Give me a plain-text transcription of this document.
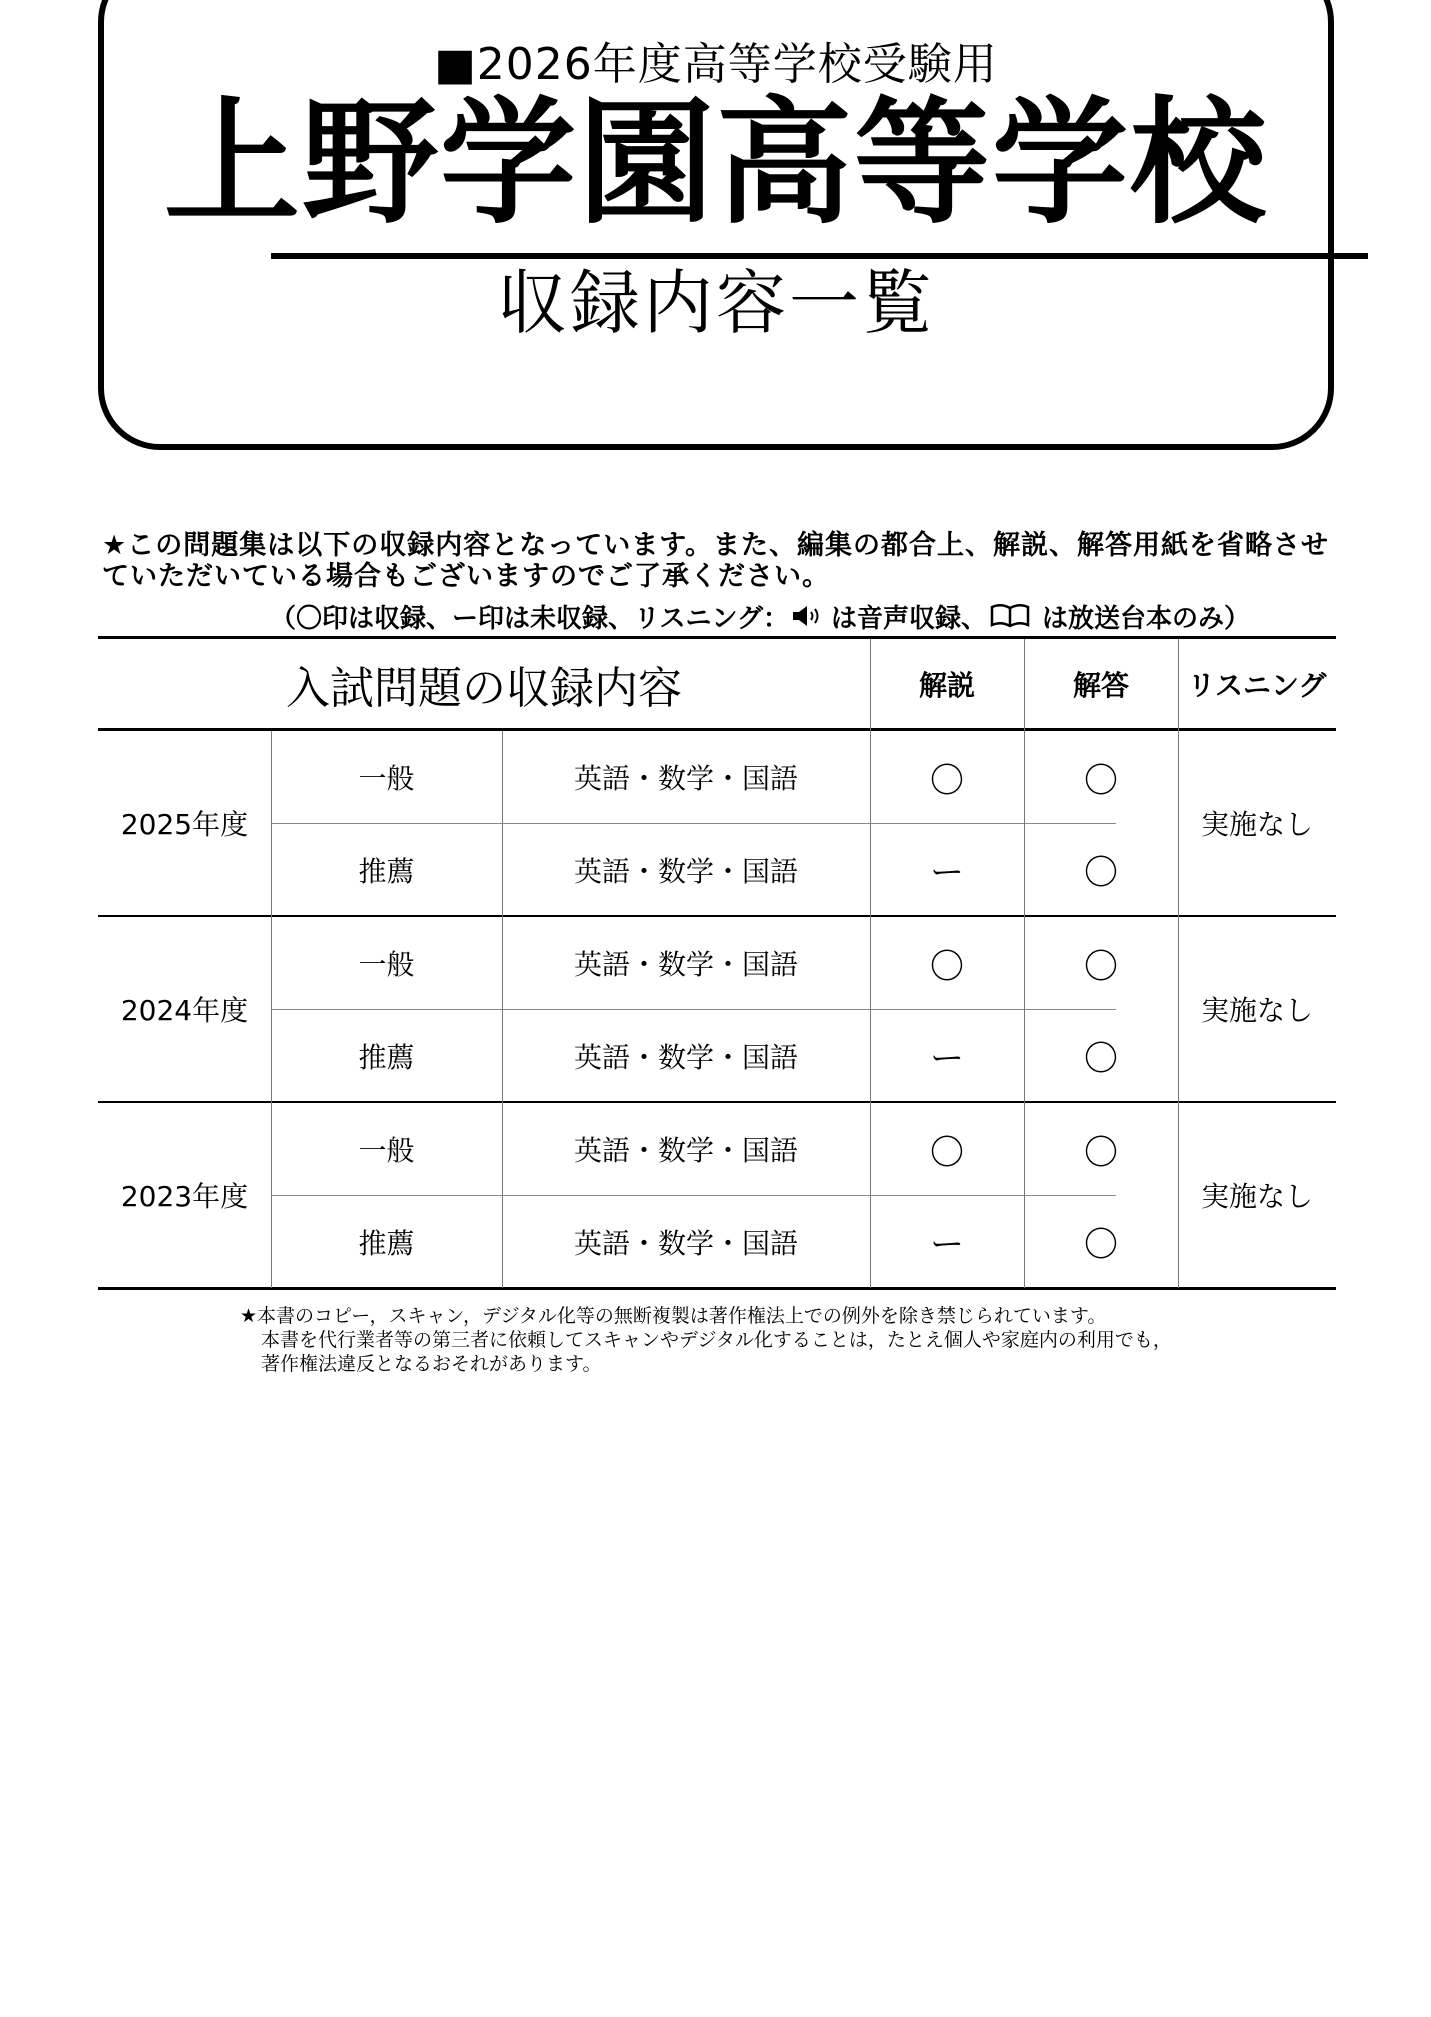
■2026年度高等学校受験用
上野学園高等学校
収録内容一覧
★この問題集は以下の収録内容となっています。また、編集の都合上、解説、解答用紙を省略させていただいている場合もございますのでご了承ください。
（〇印は収録、ー印は未収録、リスニング： は音声収録、 は放送台本のみ）
入試問題の収録内容	解説	解答	リスニング
2025年度
一般	英語・数学・国語	〇	〇
推薦	英語・数学・国語	ー	〇
実施なし
2024年度
一般	英語・数学・国語	〇	〇
推薦	英語・数学・国語	ー	〇
実施なし
2023年度
一般	英語・数学・国語	〇	〇
推薦	英語・数学・国語	ー	〇
実施なし
★本書のコピー，スキャン，デジタル化等の無断複製は著作権法上での例外を除き禁じられています。
本書を代行業者等の第三者に依頼してスキャンやデジタル化することは，たとえ個人や家庭内の利用でも，
著作権法違反となるおそれがあります。
